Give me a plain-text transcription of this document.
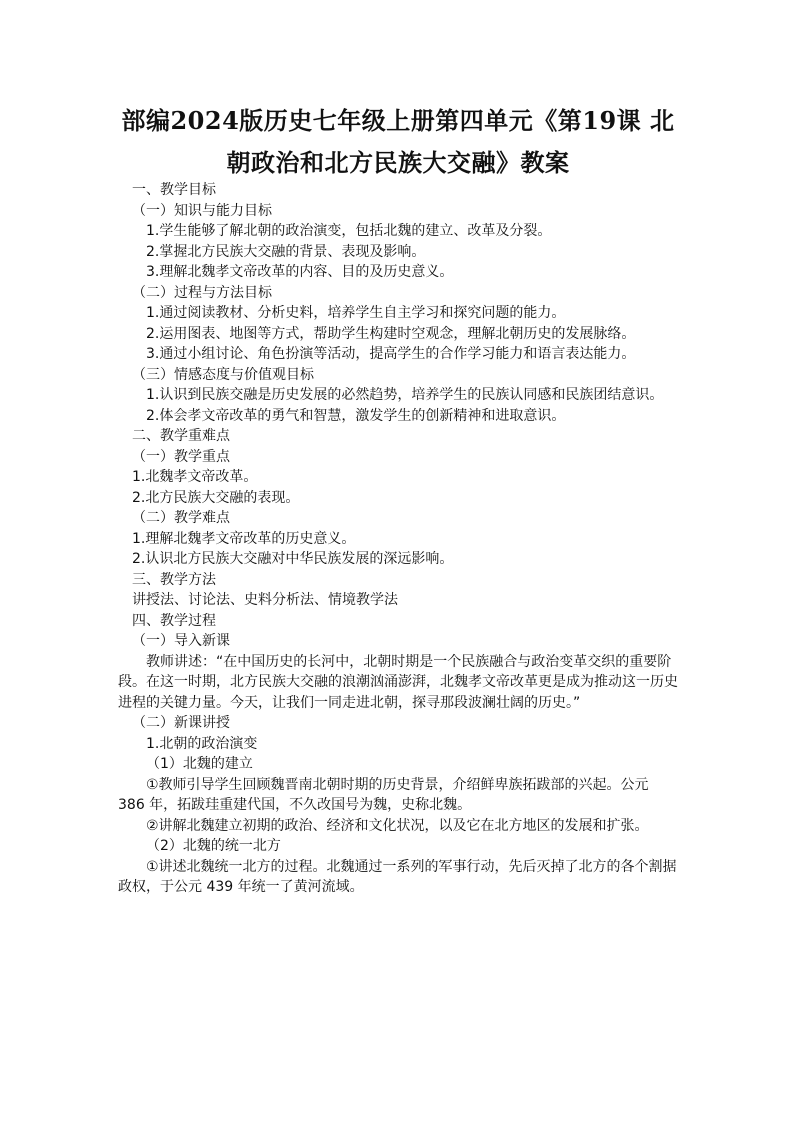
部编2024版历史七年级上册第四单元《第19课 北朝政治和北方民族大交融》教案

一、教学目标

（一）知识与能力目标

1.学生能够了解北朝的政治演变，包括北魏的建立、改革及分裂。

2.掌握北方民族大交融的背景、表现及影响。

3.理解北魏孝文帝改革的内容、目的及历史意义。

（二）过程与方法目标

1.通过阅读教材、分析史料，培养学生自主学习和探究问题的能力。

2.运用图表、地图等方式，帮助学生构建时空观念，理解北朝历史的发展脉络。

3.通过小组讨论、角色扮演等活动，提高学生的合作学习能力和语言表达能力。

（三）情感态度与价值观目标

1.认识到民族交融是历史发展的必然趋势，培养学生的民族认同感和民族团结意识。

2.体会孝文帝改革的勇气和智慧，激发学生的创新精神和进取意识。

二、教学重难点

（一）教学重点

1.北魏孝文帝改革。

2.北方民族大交融的表现。

（二）教学难点

1.理解北魏孝文帝改革的历史意义。

2.认识北方民族大交融对中华民族发展的深远影响。

三、教学方法

讲授法、讨论法、史料分析法、情境教学法

四、教学过程

（一）导入新课

教师讲述：“在中国历史的长河中，北朝时期是一个民族融合与政治变革交织的重要阶段。在这一时期，北方民族大交融的浪潮汹涌澎湃，北魏孝文帝改革更是成为推动这一历史进程的关键力量。今天，让我们一同走进北朝，探寻那段波澜壮阔的历史。”

（二）新课讲授

1.北朝的政治演变

（1）北魏的建立

①教师引导学生回顾魏晋南北朝时期的历史背景，介绍鲜卑族拓跋部的兴起。公元 386 年，拓跋珪重建代国，不久改国号为魏，史称北魏。

②讲解北魏建立初期的政治、经济和文化状况，以及它在北方地区的发展和扩张。

（2）北魏的统一北方

①讲述北魏统一北方的过程。北魏通过一系列的军事行动，先后灭掉了北方的各个割据政权，于公元 439 年统一了黄河流域。
